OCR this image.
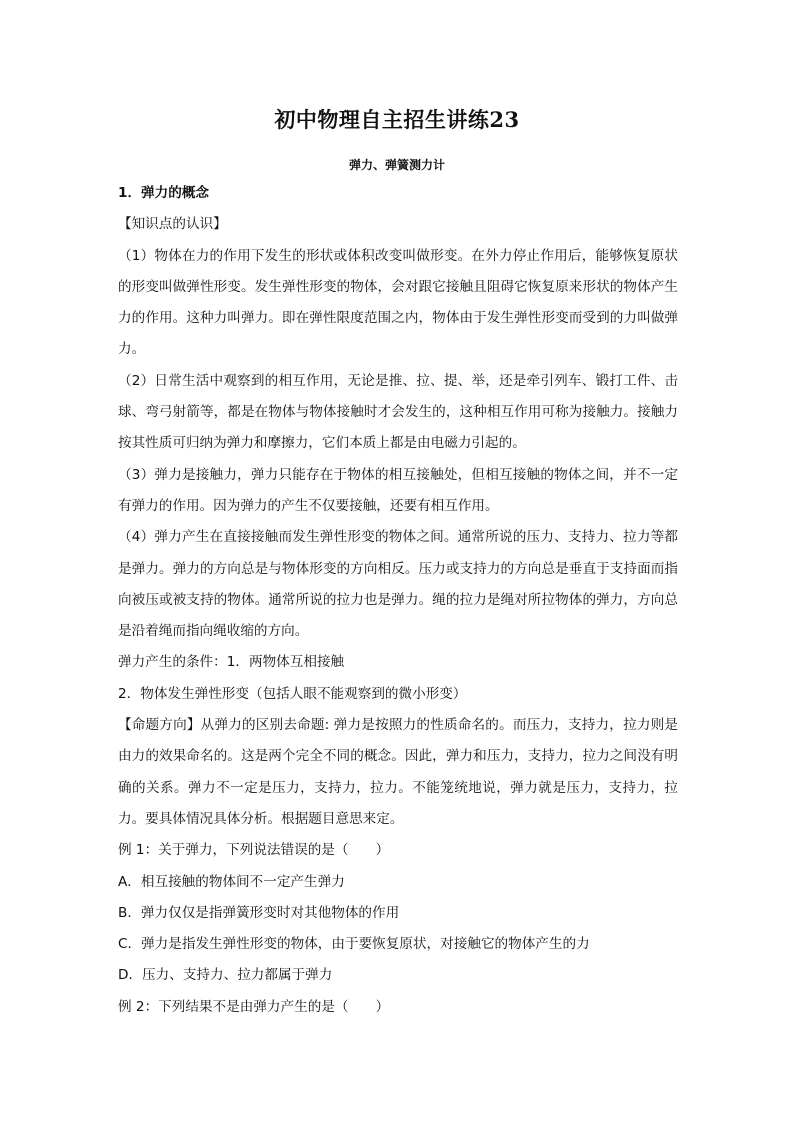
初中物理自主招生讲练23
弹力、弹簧测力计

1．弹力的概念

【知识点的认识】

（1）物体在力的作用下发生的形状或体积改变叫做形变。在外力停止作用后，能够恢复原状的形变叫做弹性形变。发生弹性形变的物体，会对跟它接触且阻碍它恢复原来形状的物体产生力的作用。这种力叫弹力。即在弹性限度范围之内，物体由于发生弹性形变而受到的力叫做弹力。

（2）日常生活中观察到的相互作用，无论是推、拉、提、举，还是牵引列车、锻打工件、击球、弯弓射箭等，都是在物体与物体接触时才会发生的，这种相互作用可称为接触力。接触力按其性质可归纳为弹力和摩擦力，它们本质上都是由电磁力引起的。

（3）弹力是接触力，弹力只能存在于物体的相互接触处，但相互接触的物体之间，并不一定有弹力的作用。因为弹力的产生不仅要接触，还要有相互作用。

（4）弹力产生在直接接触而发生弹性形变的物体之间。通常所说的压力、支持力、拉力等都是弹力。弹力的方向总是与物体形变的方向相反。压力或支持力的方向总是垂直于支持面而指向被压或被支持的物体。通常所说的拉力也是弹力。绳的拉力是绳对所拉物体的弹力，方向总是沿着绳而指向绳收缩的方向。

弹力产生的条件：1．两物体互相接触

2．物体发生弹性形变（包括人眼不能观察到的微小形变）

【命题方向】从弹力的区别去命题: 弹力是按照力的性质命名的。而压力，支持力，拉力则是由力的效果命名的。这是两个完全不同的概念。因此，弹力和压力，支持力，拉力之间没有明确的关系。弹力不一定是压力，支持力，拉力。不能笼统地说，弹力就是压力，支持力，拉力。要具体情况具体分析。根据题目意思来定。

例 1：关于弹力，下列说法错误的是（　　）

A．相互接触的物体间不一定产生弹力

B．弹力仅仅是指弹簧形变时对其他物体的作用

C．弹力是指发生弹性形变的物体，由于要恢复原状，对接触它的物体产生的力

D．压力、支持力、拉力都属于弹力

例 2：下列结果不是由弹力产生的是（　　）
